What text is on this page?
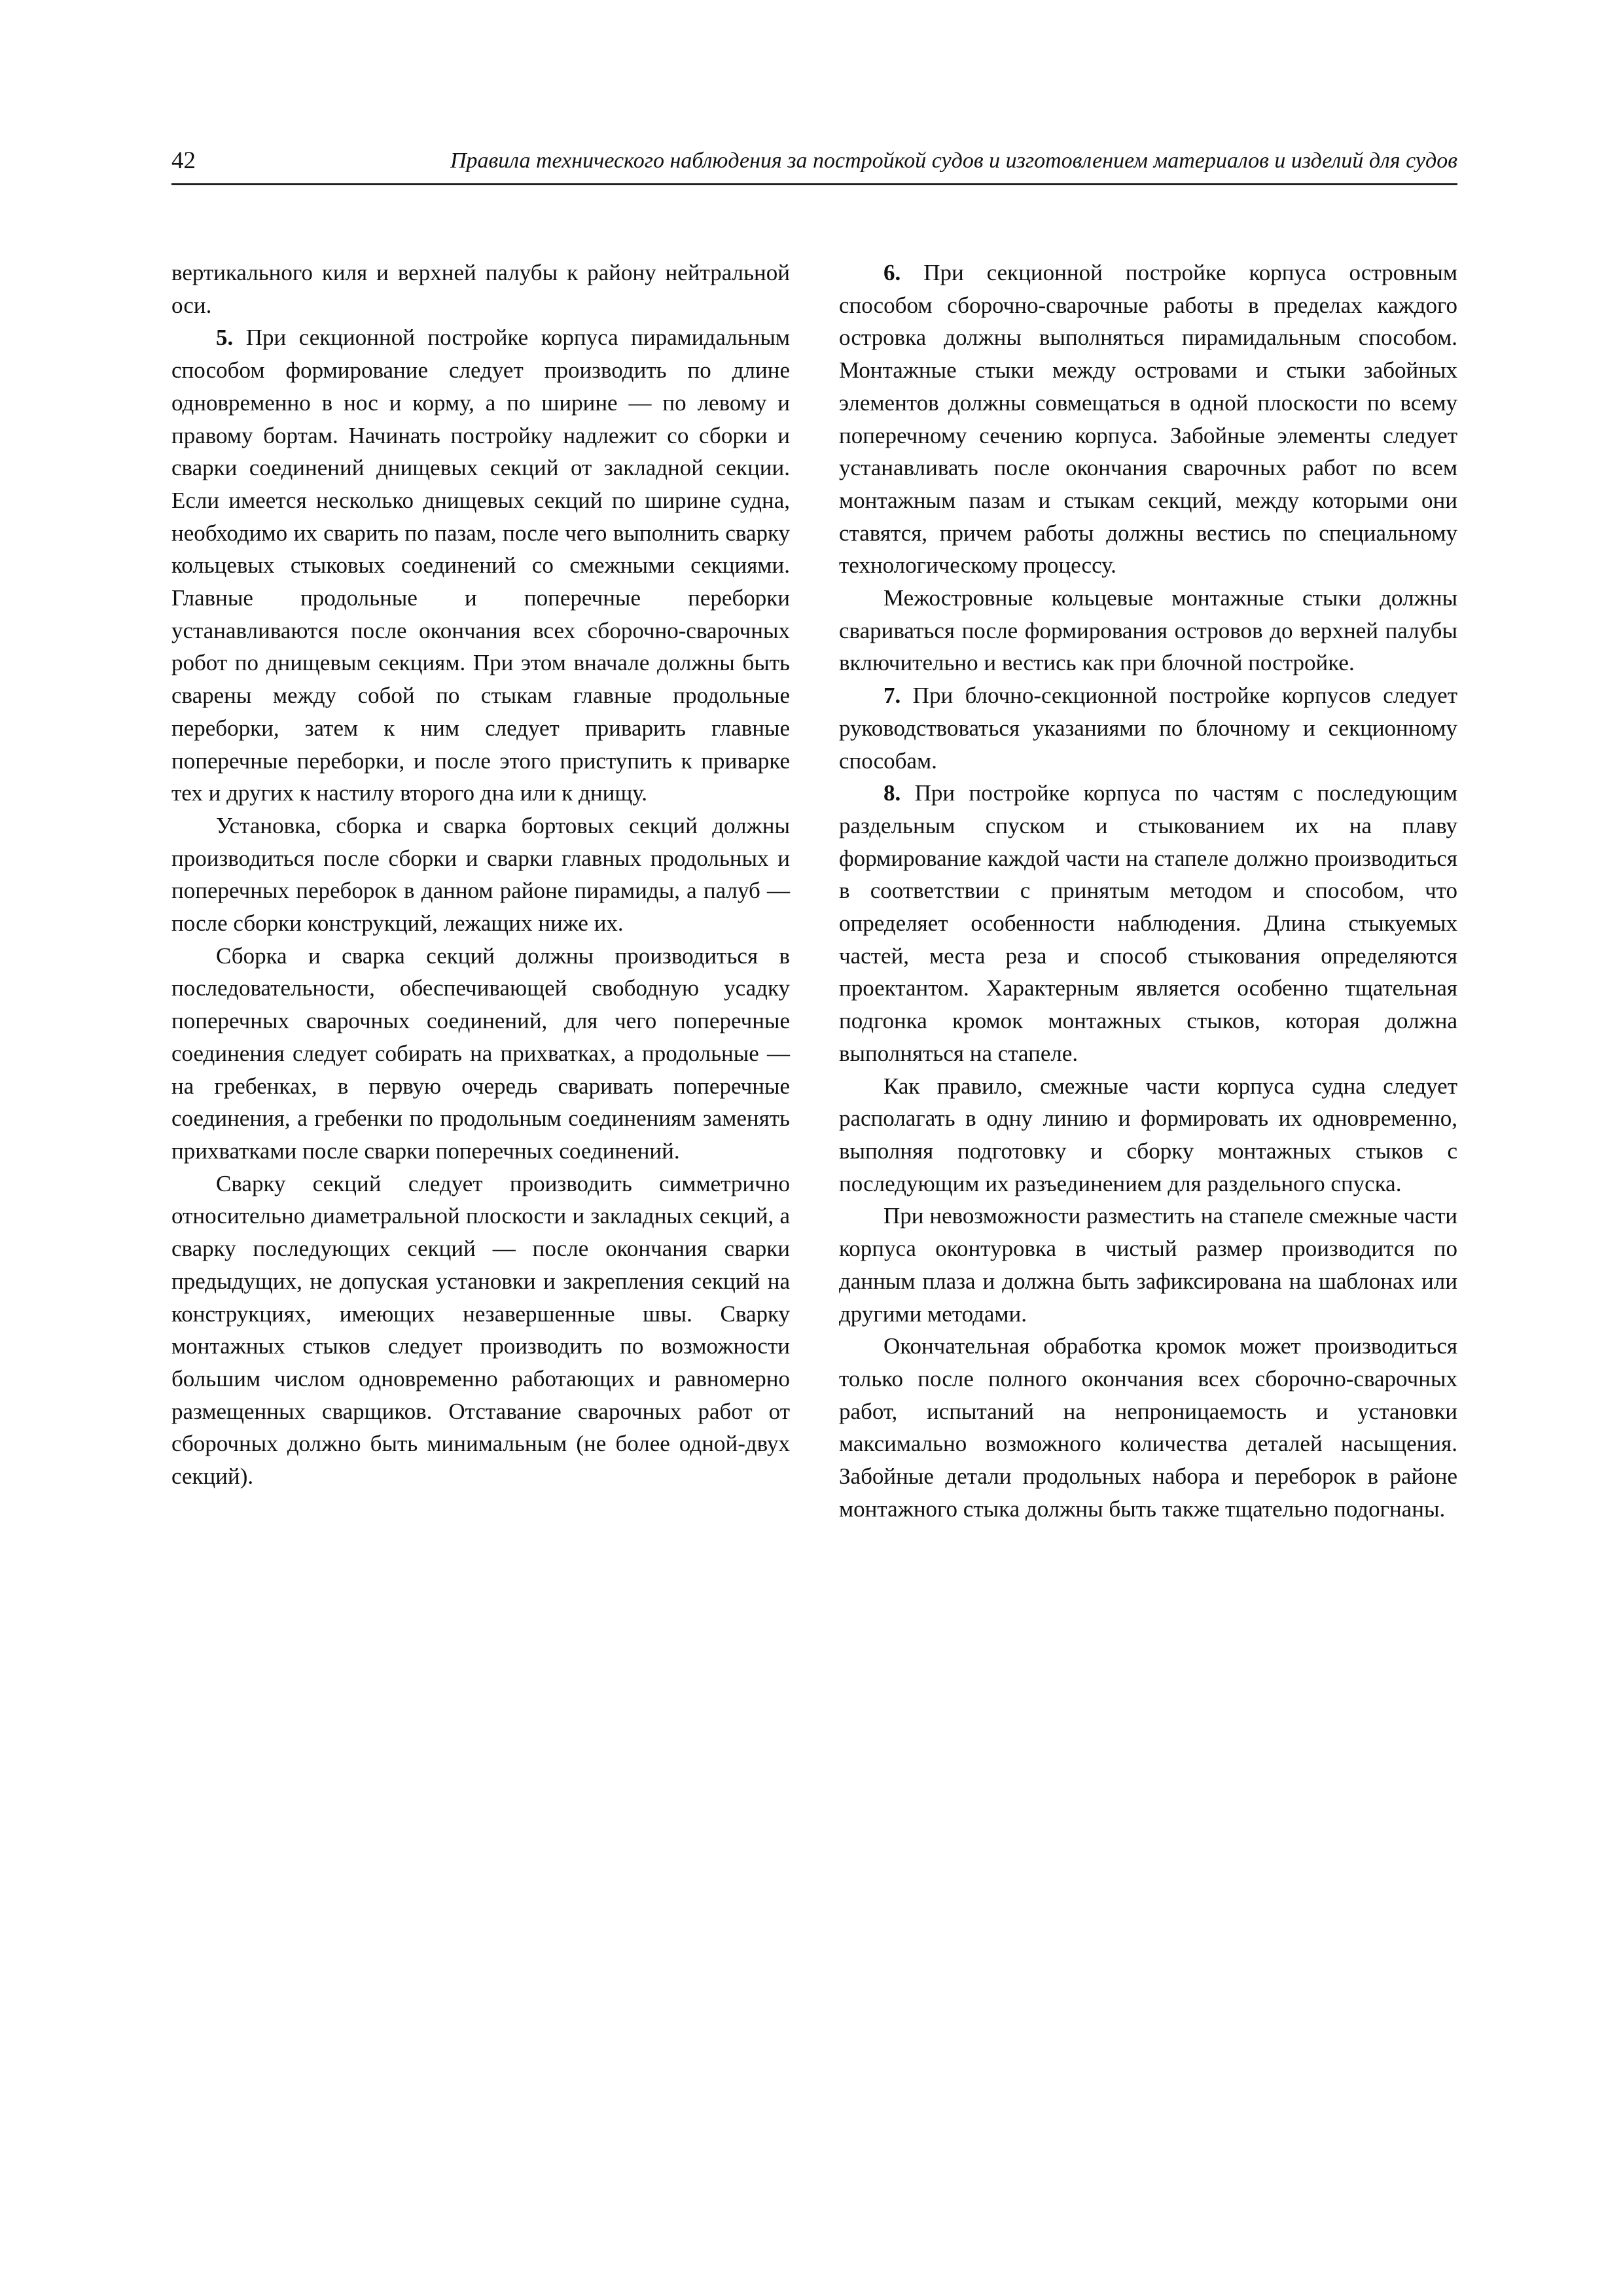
42	Правила технического наблюдения за постройкой судов и изготовлением материалов и изделий для судов

вертикального киля и верхней палубы к району нейтральной оси.

5. При секционной постройке корпуса пирамидальным способом формирование следует производить по длине одновременно в нос и корму, а по ширине — по левому и правому бортам. Начинать постройку надлежит со сборки и сварки соединений днищевых секций от закладной секции. Если имеется несколько днищевых секций по ширине судна, необходимо их сварить по пазам, после чего выполнить сварку кольцевых стыковых соединений со смежными секциями. Главные продольные и поперечные переборки устанавливаются после окончания всех сборочно-сварочных робот по днищевым секциям. При этом вначале должны быть сварены между собой по стыкам главные продольные переборки, затем к ним следует приварить главные поперечные переборки, и после этого приступить к приварке тех и других к настилу второго дна или к днищу.

Установка, сборка и сварка бортовых секций должны производиться после сборки и сварки главных продольных и поперечных переборок в данном районе пирамиды, а палуб — после сборки конструкций, лежащих ниже их.

Сборка и сварка секций должны производиться в последовательности, обеспечивающей свободную усадку поперечных сварочных соединений, для чего поперечные соединения следует собирать на прихватках, а продольные — на гребенках, в первую очередь сваривать поперечные соединения, а гребенки по продольным соединениям заменять прихватками после сварки поперечных соединений.

Сварку секций следует производить симметрично относительно диаметральной плоскости и закладных секций, а сварку последующих секций — после окончания сварки предыдущих, не допуская установки и закрепления секций на конструкциях, имеющих незавершенные швы. Сварку монтажных стыков следует производить по возможности большим числом одновременно работающих и равномерно размещенных сварщиков. Отставание сварочных работ от сборочных должно быть минимальным (не более одной-двух секций).

6. При секционной постройке корпуса островным способом сборочно-сварочные работы в пределах каждого островка должны выполняться пирамидальным способом. Монтажные стыки между островами и стыки забойных элементов должны совмещаться в одной плоскости по всему поперечному сечению корпуса. Забойные элементы следует устанавливать после окончания сварочных работ по всем монтажным пазам и стыкам секций, между которыми они ставятся, причем работы должны вестись по специальному технологическому процессу.

Межостровные кольцевые монтажные стыки должны свариваться после формирования островов до верхней палубы включительно и вестись как при блочной постройке.

7. При блочно-секционной постройке корпусов следует руководствоваться указаниями по блочному и секционному способам.

8. При постройке корпуса по частям с последующим раздельным спуском и стыкованием их на плаву формирование каждой части на стапеле должно производиться в соответствии с принятым методом и способом, что определяет особенности наблюдения. Длина стыкуемых частей, места реза и способ стыкования определяются проектантом. Характерным является особенно тщательная подгонка кромок монтажных стыков, которая должна выполняться на стапеле.

Как правило, смежные части корпуса судна следует располагать в одну линию и формировать их одновременно, выполняя подготовку и сборку монтажных стыков с последующим их разъединением для раздельного спуска.

При невозможности разместить на стапеле смежные части корпуса оконтуровка в чистый размер производится по данным плаза и должна быть зафиксирована на шаблонах или другими методами.

Окончательная обработка кромок может производиться только после полного окончания всех сборочно-сварочных работ, испытаний на непроницаемость и установки максимально возможного количества деталей насыщения. Забойные детали продольных набора и переборок в районе монтажного стыка должны быть также тщательно подогнаны.
